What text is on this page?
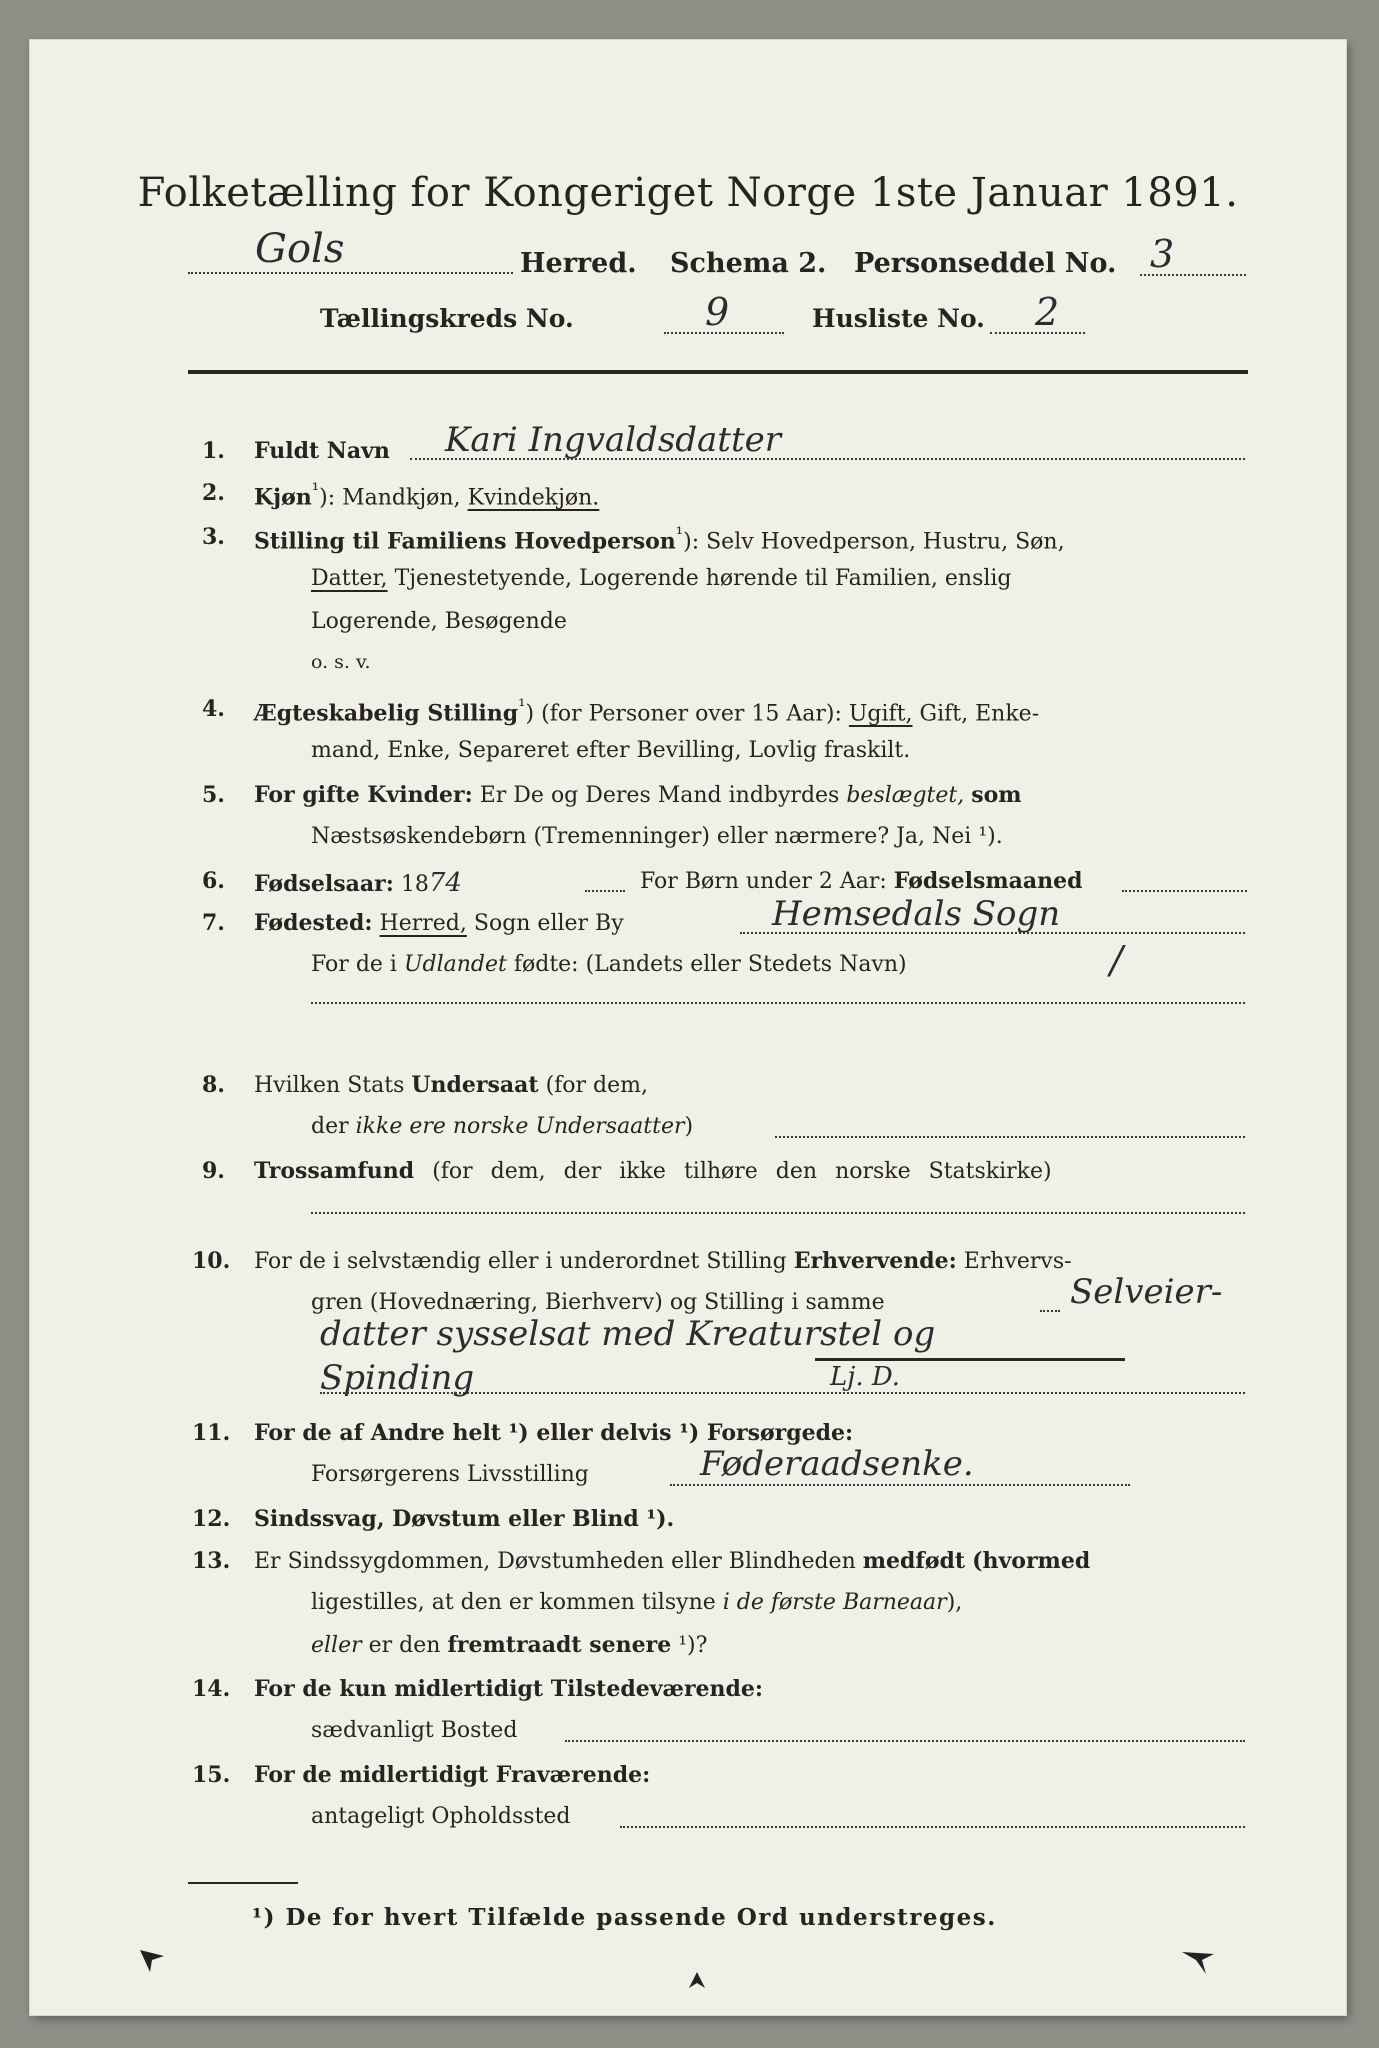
Folketælling for Kongeriget Norge 1ste Januar 1891.
Gols	Herred. Schema 2. Personseddel No. 3
Tællingskreds No.	9	Husliste No. 2
1.	Fuldt Navn Kari Ingvaldsdatter
2.	Kjøn$^{^1}$): Mandkjøn, Kvindekjøn.
3.	Stilling til Familiens Hovedperson$^{^1}$): Selv Hovedperson, Hustru, Søn,
Datter, Tjenestetyende, Logerende hørende til Familien, enslig
Logerende, Besøgende
o. s. v.
4.	Ægteskabelig Stilling$^{^1}$) (for Personer over 15 Aar): Ugift, Gift, Enke-
mand, Enke, Separeret efter Bevilling, Lovlig fraskilt.
5.	For gifte Kvinder: Er De og Deres Mand indbyrdes beslægtet, som
Næstsøskendebørn (Tremenninger) eller nærmere? Ja, Nei ¹).
6.	Fødselsaar: 1874	For Børn under 2 Aar: Fødselsmaaned
7.	Fødested: Herred, Sogn eller By	Hemsedals Sogn
For de i Udlandet fødte: (Landets eller Stedets Navn)	/
8.	Hvilken Stats Undersaat (for dem,
der ikke ere norske Undersaatter)
9.	Trossamfund (for dem, der ikke tilhøre den norske Statskirke)
10.	For de i selvstændig eller i underordnet Stilling Erhvervende: Erhvervs-
gren (Hovednæring, Bierhverv) og Stilling i samme	Selveier-
datter sysselsat med Kreaturstel og
Spinding	Lj. D.
11.	For de af Andre helt ¹) eller delvis ¹) Forsørgede:
Forsørgerens Livsstilling	Føderaadsenke.
12.	Sindssvag, Døvstum eller Blind ¹).
13.	Er Sindssygdommen, Døvstumheden eller Blindheden medfødt (hvormed
ligestilles, at den er kommen tilsyne i de første Barneaar),
eller er den fremtraadt senere ¹)?
14.	For de kun midlertidigt Tilstedeværende:
sædvanligt Bosted
15.	For de midlertidigt Fraværende:
antageligt Opholdssted
¹) De for hvert Tilfælde passende Ord understreges.
